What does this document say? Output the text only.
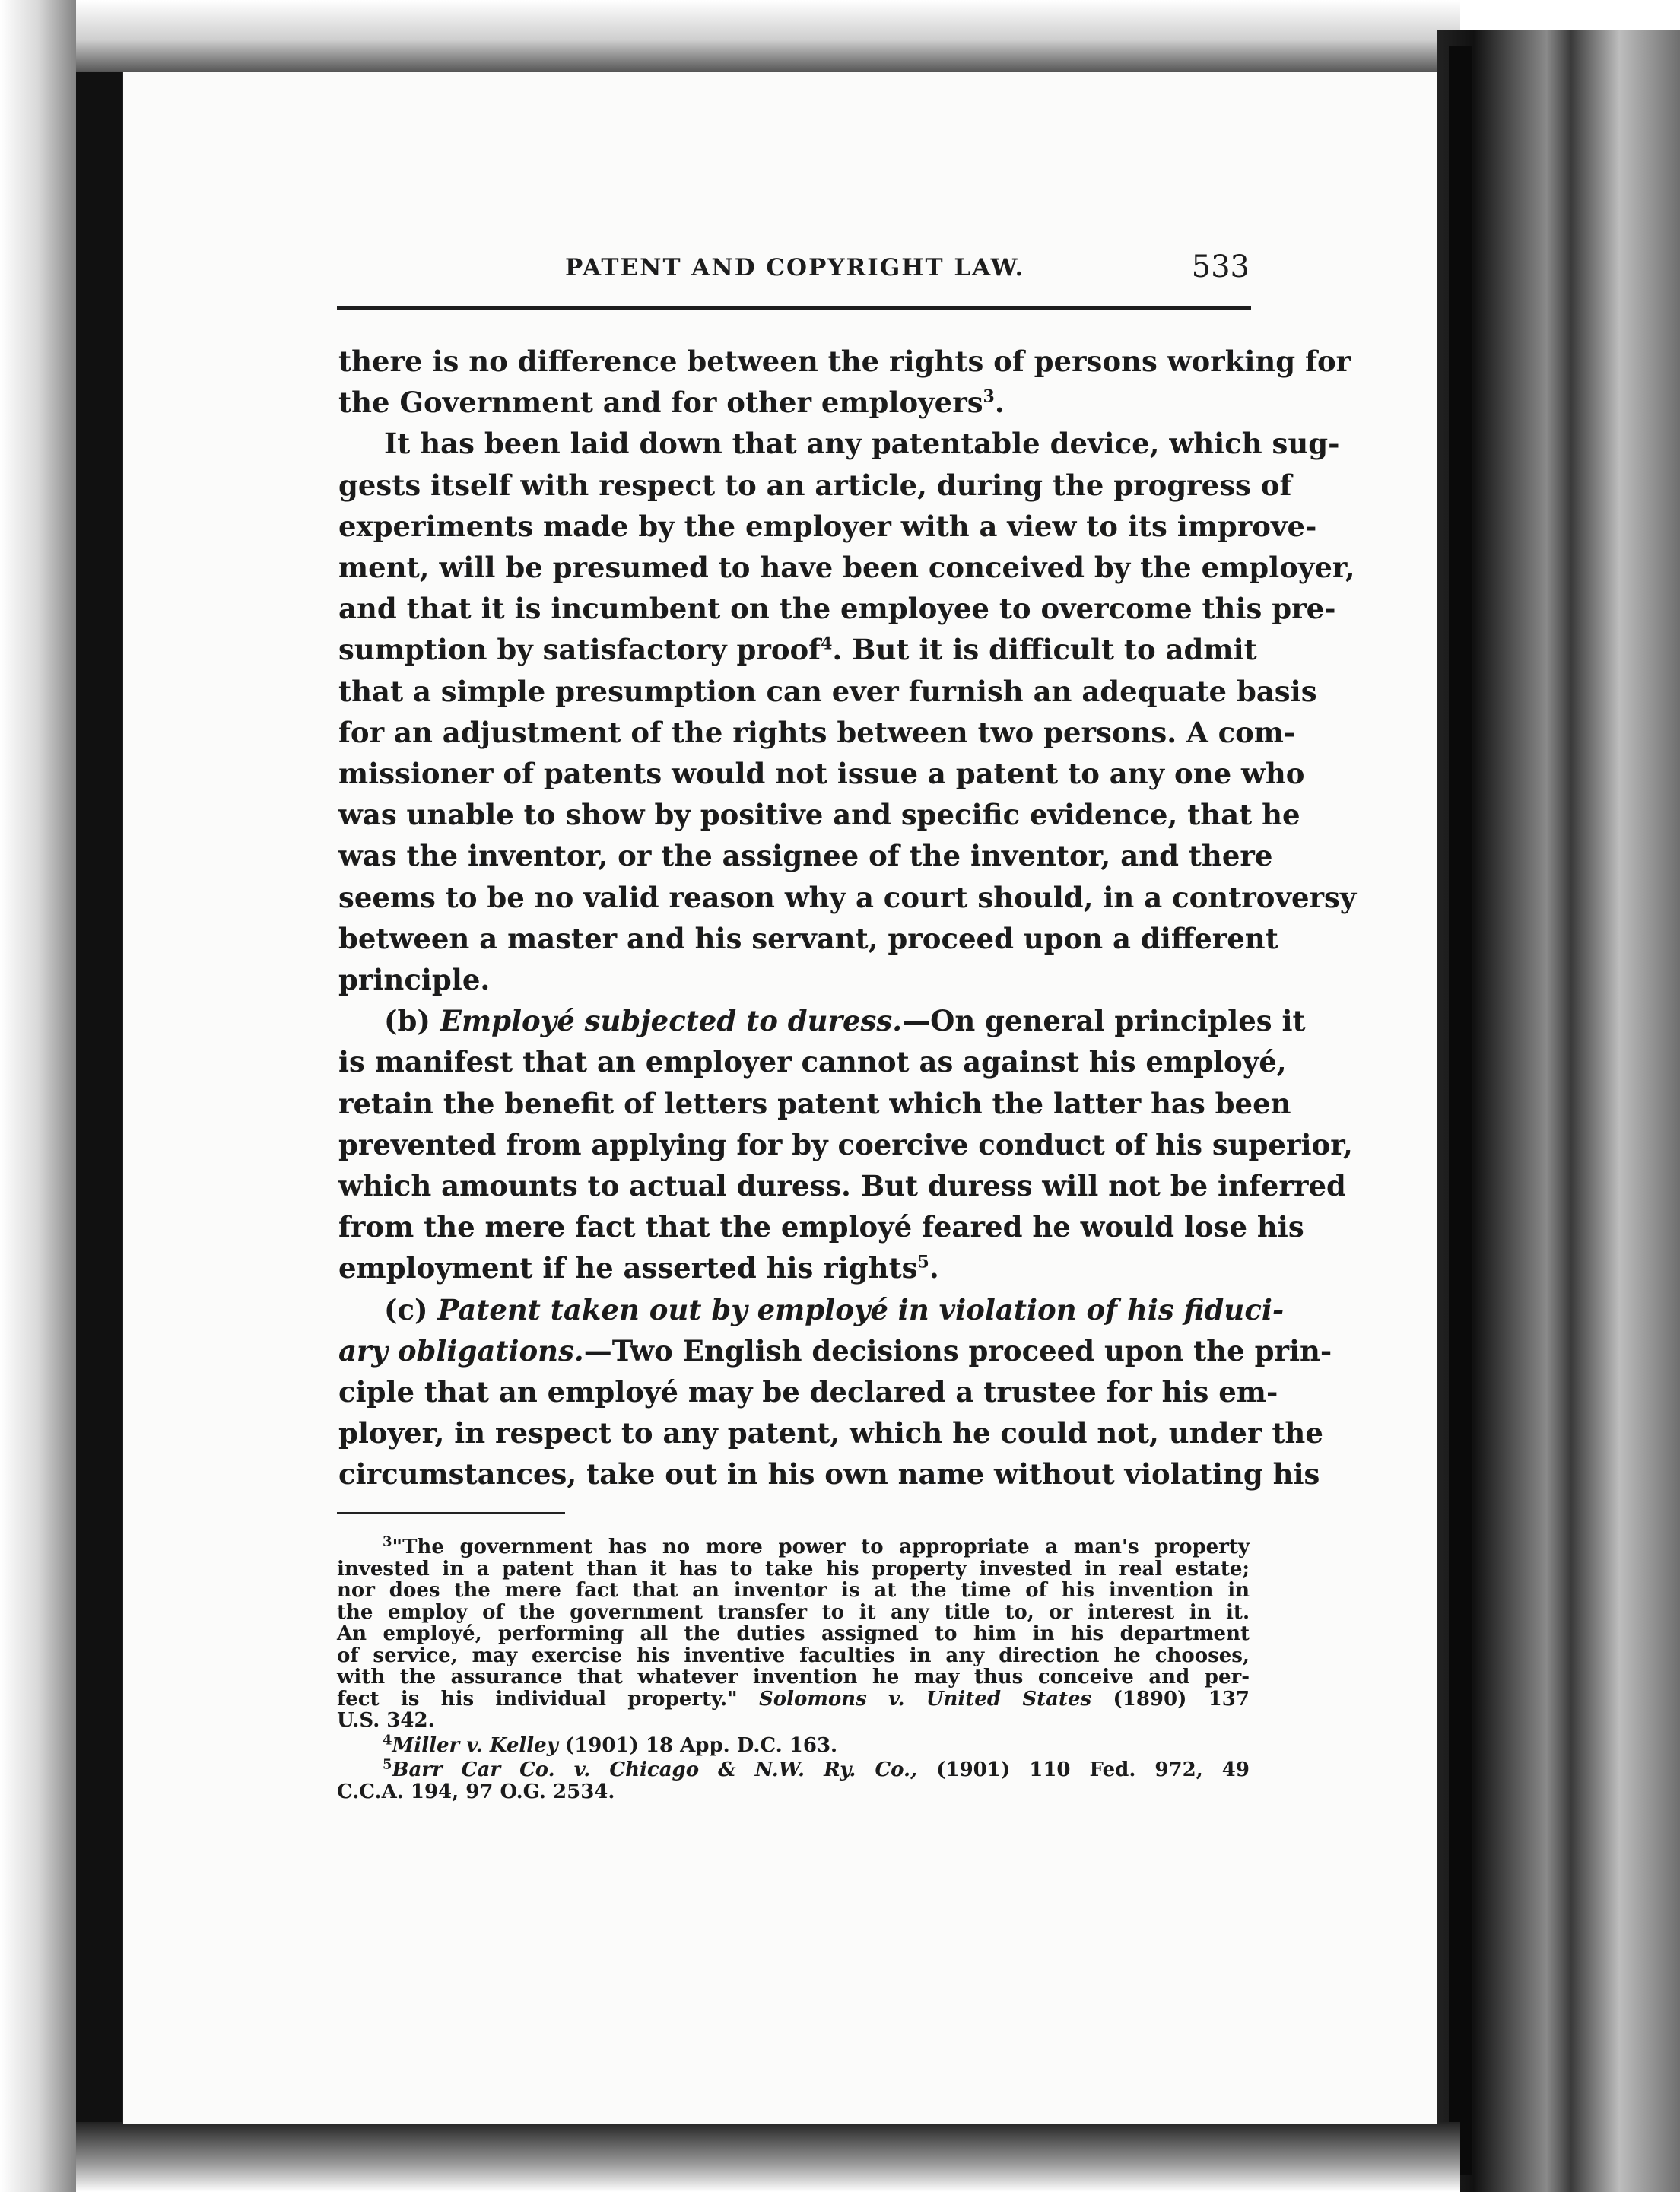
PATENT AND COPYRIGHT LAW.	533
there is no difference between the rights of persons working for
the Government and for other employers$^3$.
It has been laid down that any patentable device, which sug-
gests itself with respect to an article, during the progress of
experiments made by the employer with a view to its improve-
ment, will be presumed to have been conceived by the employer,
and that it is incumbent on the employee to overcome this pre-
sumption by satisfactory proof$^4$. But it is difficult to admit
that a simple presumption can ever furnish an adequate basis
for an adjustment of the rights between two persons. A com-
missioner of patents would not issue a patent to any one who
was unable to show by positive and specific evidence, that he
was the inventor, or the assignee of the inventor, and there
seems to be no valid reason why a court should, in a controversy
between a master and his servant, proceed upon a different
principle.
(b) Employé subjected to duress.—On general principles it
is manifest that an employer cannot as against his employé,
retain the benefit of letters patent which the latter has been
prevented from applying for by coercive conduct of his superior,
which amounts to actual duress. But duress will not be inferred
from the mere fact that the employé feared he would lose his
employment if he asserted his rights$^5$.
(c) Patent taken out by employé in violation of his fiduci-
ary obligations.—Two English decisions proceed upon the prin-
ciple that an employé may be declared a trustee for his em-
ployer, in respect to any patent, which he could not, under the
circumstances, take out in his own name without violating his
$^3$"The government has no more power to appropriate a man's property
invested in a patent than it has to take his property invested in real estate;
nor does the mere fact that an inventor is at the time of his invention in
the employ of the government transfer to it any title to, or interest in it.
An employé, performing all the duties assigned to him in his department
of service, may exercise his inventive faculties in any direction he chooses,
with the assurance that whatever invention he may thus conceive and per-
fect is his individual property." Solomons v. United States (1890) 137
U.S. 342.
$^4$Miller v. Kelley (1901) 18 App. D.C. 163.
$^5$Barr Car Co. v. Chicago & N.W. Ry. Co., (1901) 110 Fed. 972, 49
C.C.A. 194, 97 O.G. 2534.
